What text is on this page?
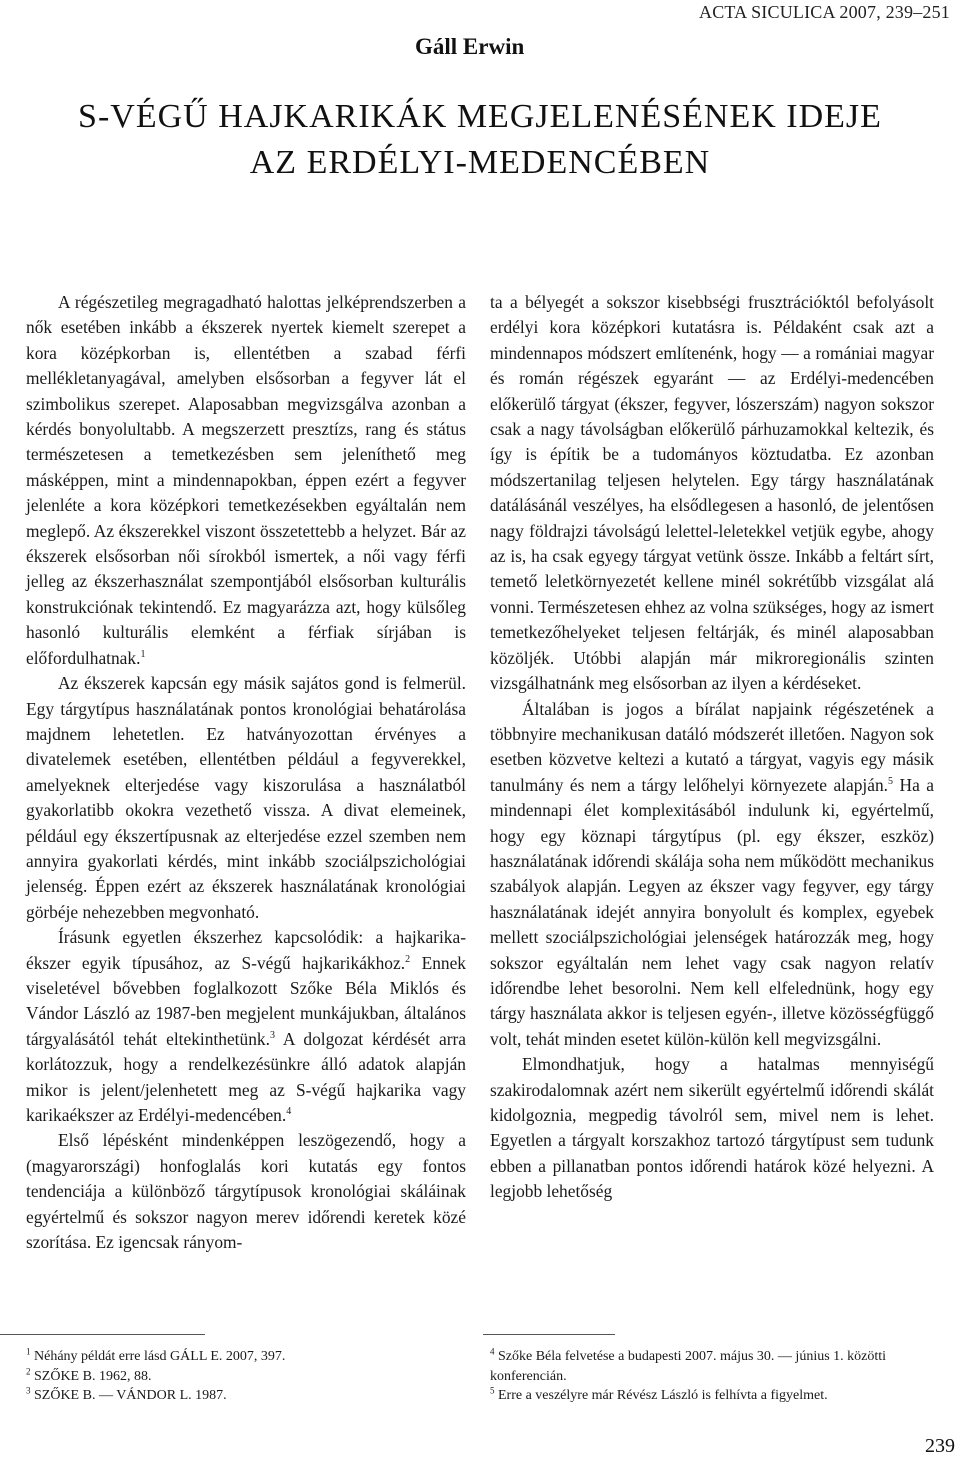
ACTA SICULICA 2007, 239–251
Gáll Erwin
S-VÉGŰ HAJKARIKÁK MEGJELENÉSÉNEK IDEJE
AZ ERDÉLYI-MEDENCÉBEN

A régészetileg megragadható halottas jelképrendszerben a nők esetében inkább a ékszerek nyertek kiemelt szerepet a kora középkorban is, ellentétben a szabad férfi mellékletanyagával, amelyben elsősorban a fegyver lát el szimbolikus szerepet. Alaposabban megvizsgálva azonban a kérdés bonyolultabb. A megszerzett presztízs, rang és státus természetesen a temetkezésben sem jeleníthető meg másképpen, mint a mindennapokban, éppen ezért a fegyver jelenléte a kora középkori temetkezésekben egyáltalán nem meglepő. Az ékszerekkel viszont összetettebb a helyzet. Bár az ékszerek elsősorban női sírokból ismertek, a női vagy férfi jelleg az ékszerhasználat szempontjából elsősorban kulturális konstrukciónak tekintendő. Ez magyarázza azt, hogy külsőleg hasonló kulturális elemként a férfiak sírjában is előfordulhatnak.$^1$

Az ékszerek kapcsán egy másik sajátos gond is felmerül. Egy tárgytípus használatának pontos kronológiai behatárolása majdnem lehetetlen. Ez hatványozottan érvényes a divatelemek esetében, ellentétben például a fegyverekkel, amelyeknek elterjedése vagy kiszorulása a használatból gyakorlatibb okokra vezethető vissza. A divat elemeinek, például egy ékszertípusnak az elterjedése ezzel szemben nem annyira gyakorlati kérdés, mint inkább szociálpszichológiai jelenség. Éppen ezért az ékszerek használatának kronológiai görbéje nehezebben megvonható.

Írásunk egyetlen ékszerhez kapcsolódik: a hajkarika-ékszer egyik típusához, az S-végű hajkarikákhoz.$^2$ Ennek viseletével bővebben foglalkozott Szőke Béla Miklós és Vándor László az 1987-ben megjelent munkájukban, általános tárgyalásától tehát eltekinthetünk.$^3$ A dolgozat kérdését arra korlátozzuk, hogy a rendelkezésünkre álló adatok alapján mikor is jelent/jelenhetett meg az S-végű hajkarika vagy karikaékszer az Erdélyi-medencében.$^4$

Első lépésként mindenképpen leszögezendő, hogy a (magyarországi) honfoglalás kori kutatás egy fontos tendenciája a különböző tárgytípusok kronológiai skáláinak egyértelmű és sokszor nagyon merev időrendi keretek közé szorítása. Ez igencsak rányom-

ta a bélyegét a sokszor kisebbségi frusztrációktól befolyásolt erdélyi kora középkori kutatásra is. Példaként csak azt a mindennapos módszert említenénk, hogy — a romániai magyar és román régészek egyaránt — az Erdélyi-medencében előkerülő tárgyat (ékszer, fegyver, lószerszám) nagyon sokszor csak a nagy távolságban előkerülő párhuzamokkal keltezik, és így is építik be a tudományos köztudatba. Ez azonban módszertanilag teljesen helytelen. Egy tárgy használatának datálásánál veszélyes, ha elsődlegesen a hasonló, de jelentősen nagy földrajzi távolságú lelettel-leletekkel vetjük egybe, ahogy az is, ha csak egyegy tárgyat vetünk össze. Inkább a feltárt sírt, temető leletkörnyezetét kellene minél sokrétűbb vizsgálat alá vonni. Természetesen ehhez az volna szükséges, hogy az ismert temetkezőhelyeket teljesen feltárják, és minél alaposabban közöljék. Utóbbi alapján már mikroregionális szinten vizsgálhatnánk meg elsősorban az ilyen a kérdéseket.

Általában is jogos a bírálat napjaink régészetének a többnyire mechanikusan datáló módszerét illetően. Nagyon sok esetben közvetve keltezi a kutató a tárgyat, vagyis egy másik tanulmány és nem a tárgy lelőhelyi környezete alapján.$^5$ Ha a mindennapi élet komplexitásából indulunk ki, egyértelmű, hogy egy köznapi tárgytípus (pl. egy ékszer, eszköz) használatának időrendi skálája soha nem működött mechanikus szabályok alapján. Legyen az ékszer vagy fegyver, egy tárgy használatának idejét annyira bonyolult és komplex, egyebek mellett szociálpszichológiai jelenségek határozzák meg, hogy sokszor egyáltalán nem lehet vagy csak nagyon relatív időrendbe lehet besorolni. Nem kell elfelednünk, hogy egy tárgy használata akkor is teljesen egyén-, illetve közösségfüggő volt, tehát minden esetet külön-külön kell megvizsgálni.

Elmondhatjuk, hogy a hatalmas mennyiségű szakirodalomnak azért nem sikerült egyértelmű időrendi skálát kidolgoznia, megpedig távolról sem, mivel nem is lehet. Egyetlen a tárgyalt korszakhoz tartozó tárgytípust sem tudunk ebben a pillanatban pontos időrendi határok közé helyezni. A legjobb lehetőség

$^1$ Néhány példát erre lásd GÁLL E. 2007, 397.
$^2$ SZŐKE B. 1962, 88.
$^3$ SZŐKE B. — VÁNDOR L. 1987.
$^4$ Szőke Béla felvetése a budapesti 2007. május 30. — június 1. közötti konferencián.
$^5$ Erre a veszélyre már Révész László is felhívta a figyelmet.
239
